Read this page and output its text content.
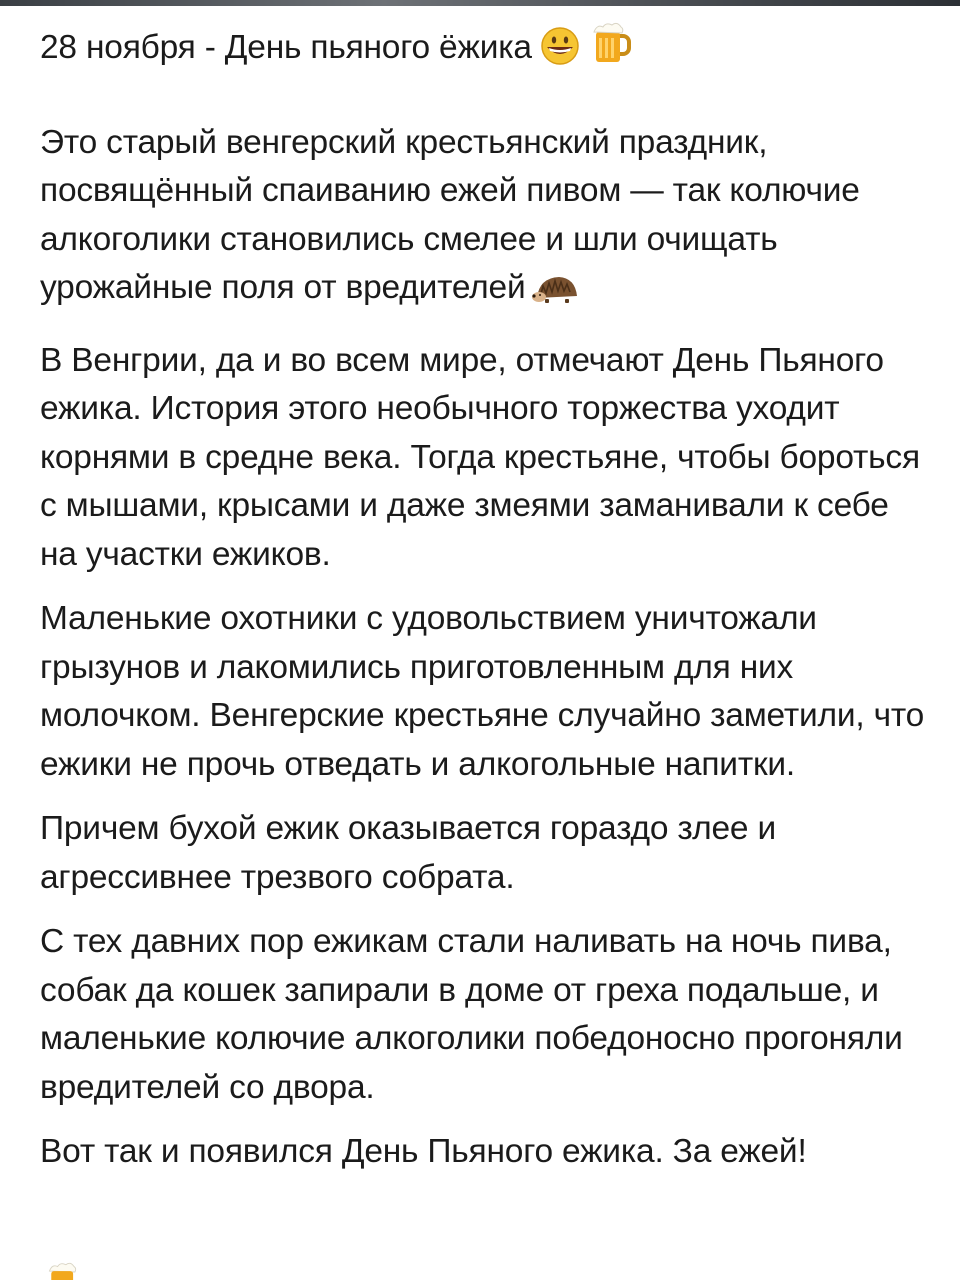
28 ноября - День пьяного ёжика

Это старый венгерский крестьянский праздник, посвящённый спаиванию ежей пивом — так колючие алкоголики становились смелее и шли очищать урожайные поля от вредителей

В Венгрии, да и во всем мире, отмечают День Пьяного ежика. История этого необычного торжества уходит корнями в средне века. Тогда крестьяне, чтобы бороться с мышами, крысами и даже змеями заманивали к себе на участки ежиков.

Маленькие охотники с удовольствием уничтожали грызунов и лакомились приготовленным для них молочком. Венгерские крестьяне случайно заметили, что ежики не прочь отведать и алкогольные напитки.

Причем бухой ежик оказывается гораздо злее и агрессивнее трезвого собрата.

С тех давних пор ежикам стали наливать на ночь пива, собак да кошек запирали в доме от греха подальше, и маленькие колючие алкоголики победоносно прогоняли вредителей со двора.

Вот так и появился День Пьяного ежика. За ежей!
